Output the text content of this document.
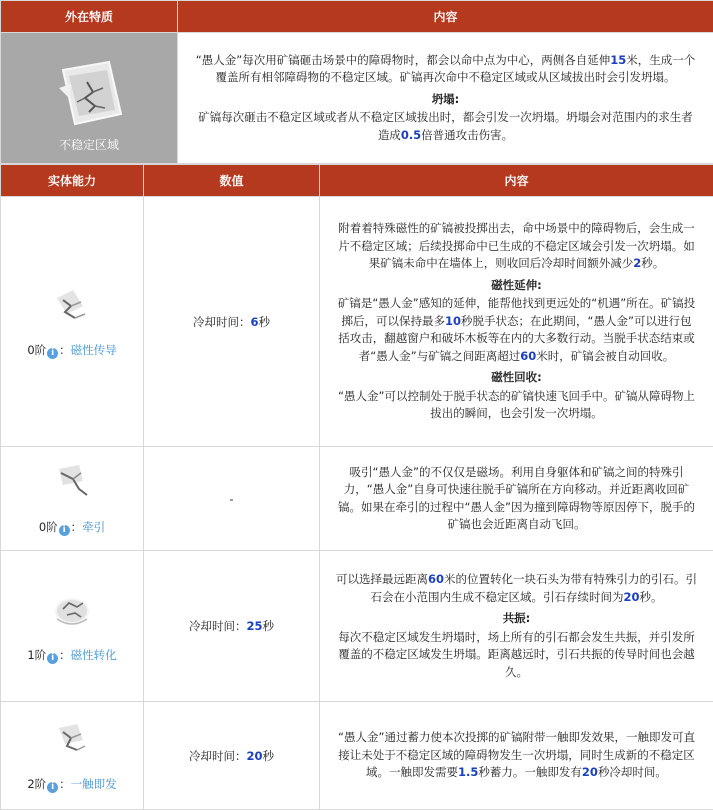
外在特质	内容

不稳定区域	“愚人金”每次用矿镐砸击场景中的障碍物时，都会以命中点为中心，两侧各自延伸15米，生成一个覆盖所有相邻障碍物的不稳定区域。矿镐再次命中不稳定区域或从区域拔出时会引发坍塌。

坍塌:

矿镐每次砸击不稳定区域或者从不稳定区域拔出时，都会引发一次坍塌。坍塌会对范围内的求生者造成0.5倍普通攻击伤害。

实体能力	数值	内容

0阶 i ：磁性传导	冷却时间：6秒	附着着特殊磁性的矿镐被投掷出去，命中场景中的障碍物后，会生成一片不稳定区域；后续投掷命中已生成的不稳定区域会引发一次坍塌。如果矿镐未命中在墙体上，则收回后冷却时间额外减少2秒。

磁性延伸:

矿镐是“愚人金”感知的延伸，能帮他找到更远处的“机遇”所在。矿镐投掷后，可以保持最多10秒脱手状态；在此期间，“愚人金”可以进行包括攻击，翻越窗户和破坏木板等在内的大多数行动。当脱手状态结束或者“愚人金”与矿镐之间距离超过60米时，矿镐会被自动回收。

磁性回收:

“愚人金”可以控制处于脱手状态的矿镐快速飞回手中。矿镐从障碍物上拔出的瞬间，也会引发一次坍塌。

0阶 i ：牵引	-	吸引“愚人金”的不仅仅是磁场。利用自身躯体和矿镐之间的特殊引力，“愚人金”自身可快速往脱手矿镐所在方向移动。并近距离收回矿镐。如果在牵引的过程中“愚人金”因为撞到障碍物等原因停下，脱手的矿镐也会近距离自动飞回。

1阶 i ：磁性转化	冷却时间：25秒	可以选择最远距离60米的位置转化一块石头为带有特殊引力的引石。引石会在小范围内生成不稳定区域。引石存续时间为20秒。

共振:

每次不稳定区域发生坍塌时，场上所有的引石都会发生共振，并引发所覆盖的不稳定区域发生坍塌。距离越远时，引石共振的传导时间也会越久。

2阶 i ：一触即发	冷却时间：20秒	“愚人金”通过蓄力使本次投掷的矿镐附带一触即发效果，一触即发可直接让未处于不稳定区域的障碍物发生一次坍塌，同时生成新的不稳定区域。一触即发需要1.5秒蓄力。一触即发有20秒冷却时间。
